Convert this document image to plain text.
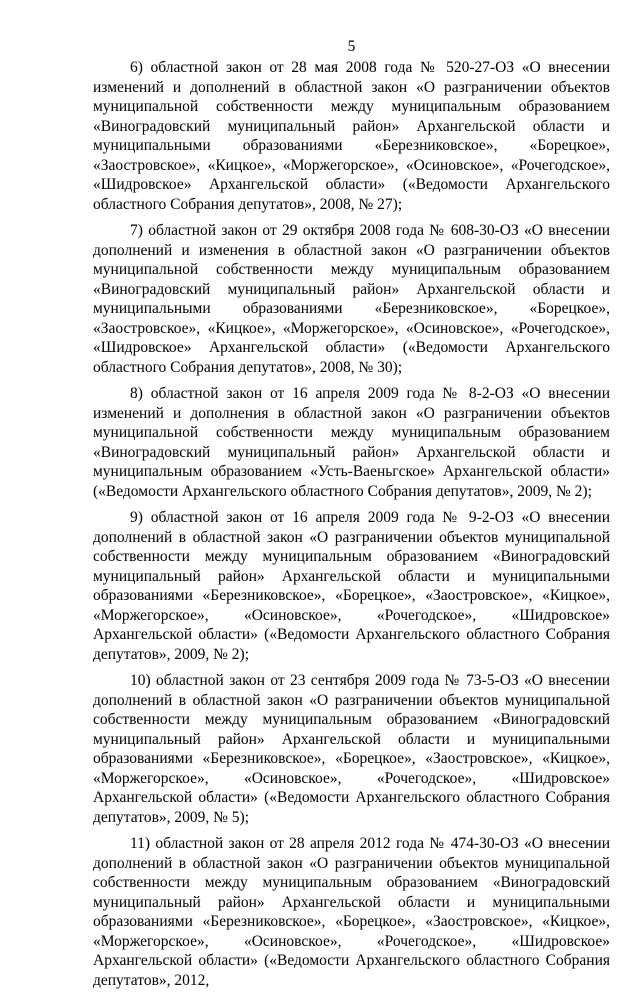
5

6) областной закон от 28 мая 2008 года № 520-27-ОЗ «О внесении изменений и дополнений в областной закон «О разграничении объектов муниципальной собственности между муниципальным образованием «Виноградовский муниципальный район» Архангельской области и муниципальными образованиями «Березниковское», «Борецкое», «Заостровское», «Кицкое», «Моржегорское», «Осиновское», «Рочегодское», «Шидровское» Архангельской области» («Ведомости Архангельского областного Собрания депутатов», 2008, № 27);

7) областной закон от 29 октября 2008 года № 608-30-ОЗ «О внесении дополнений и изменения в областной закон «О разграничении объектов муниципальной собственности между муниципальным образованием «Виноградовский муниципальный район» Архангельской области и муниципальными образованиями «Березниковское», «Борецкое», «Заостровское», «Кицкое», «Моржегорское», «Осиновское», «Рочегодское», «Шидровское» Архангельской области» («Ведомости Архангельского областного Собрания депутатов», 2008, № 30);

8) областной закон от 16 апреля 2009 года № 8-2-ОЗ «О внесении изменений и дополнения в областной закон «О разграничении объектов муниципальной собственности между муниципальным образованием «Виноградовский муниципальный район» Архангельской области и муниципальным образованием «Усть-Ваеньгское» Архангельской области» («Ведомости Архангельского областного Собрания депутатов», 2009, № 2);

9) областной закон от 16 апреля 2009 года № 9-2-ОЗ «О внесении дополнений в областной закон «О разграничении объектов муниципальной собственности между муниципальным образованием «Виноградовский муниципальный район» Архангельской области и муниципальными образованиями «Березниковское», «Борецкое», «Заостровское», «Кицкое», «Моржегорское», «Осиновское», «Рочегодское», «Шидровское» Архангельской области» («Ведомости Архангельского областного Собрания депутатов», 2009, № 2);

10) областной закон от 23 сентября 2009 года № 73-5-ОЗ «О внесении дополнений в областной закон «О разграничении объектов муниципальной собственности между муниципальным образованием «Виноградовский муниципальный район» Архангельской области и муниципальными образованиями «Березниковское», «Борецкое», «Заостровское», «Кицкое», «Моржегорское», «Осиновское», «Рочегодское», «Шидровское» Архангельской области» («Ведомости Архангельского областного Собрания депутатов», 2009, № 5);

11) областной закон от 28 апреля 2012 года № 474-30-ОЗ «О внесении дополнений в областной закон «О разграничении объектов муниципальной собственности между муниципальным образованием «Виноградовский муниципальный район» Архангельской области и муниципальными образованиями «Березниковское», «Борецкое», «Заостровское», «Кицкое», «Моржегорское», «Осиновское», «Рочегодское», «Шидровское» Архангельской области» («Ведомости Архангельского областного Собрания депутатов», 2012,
